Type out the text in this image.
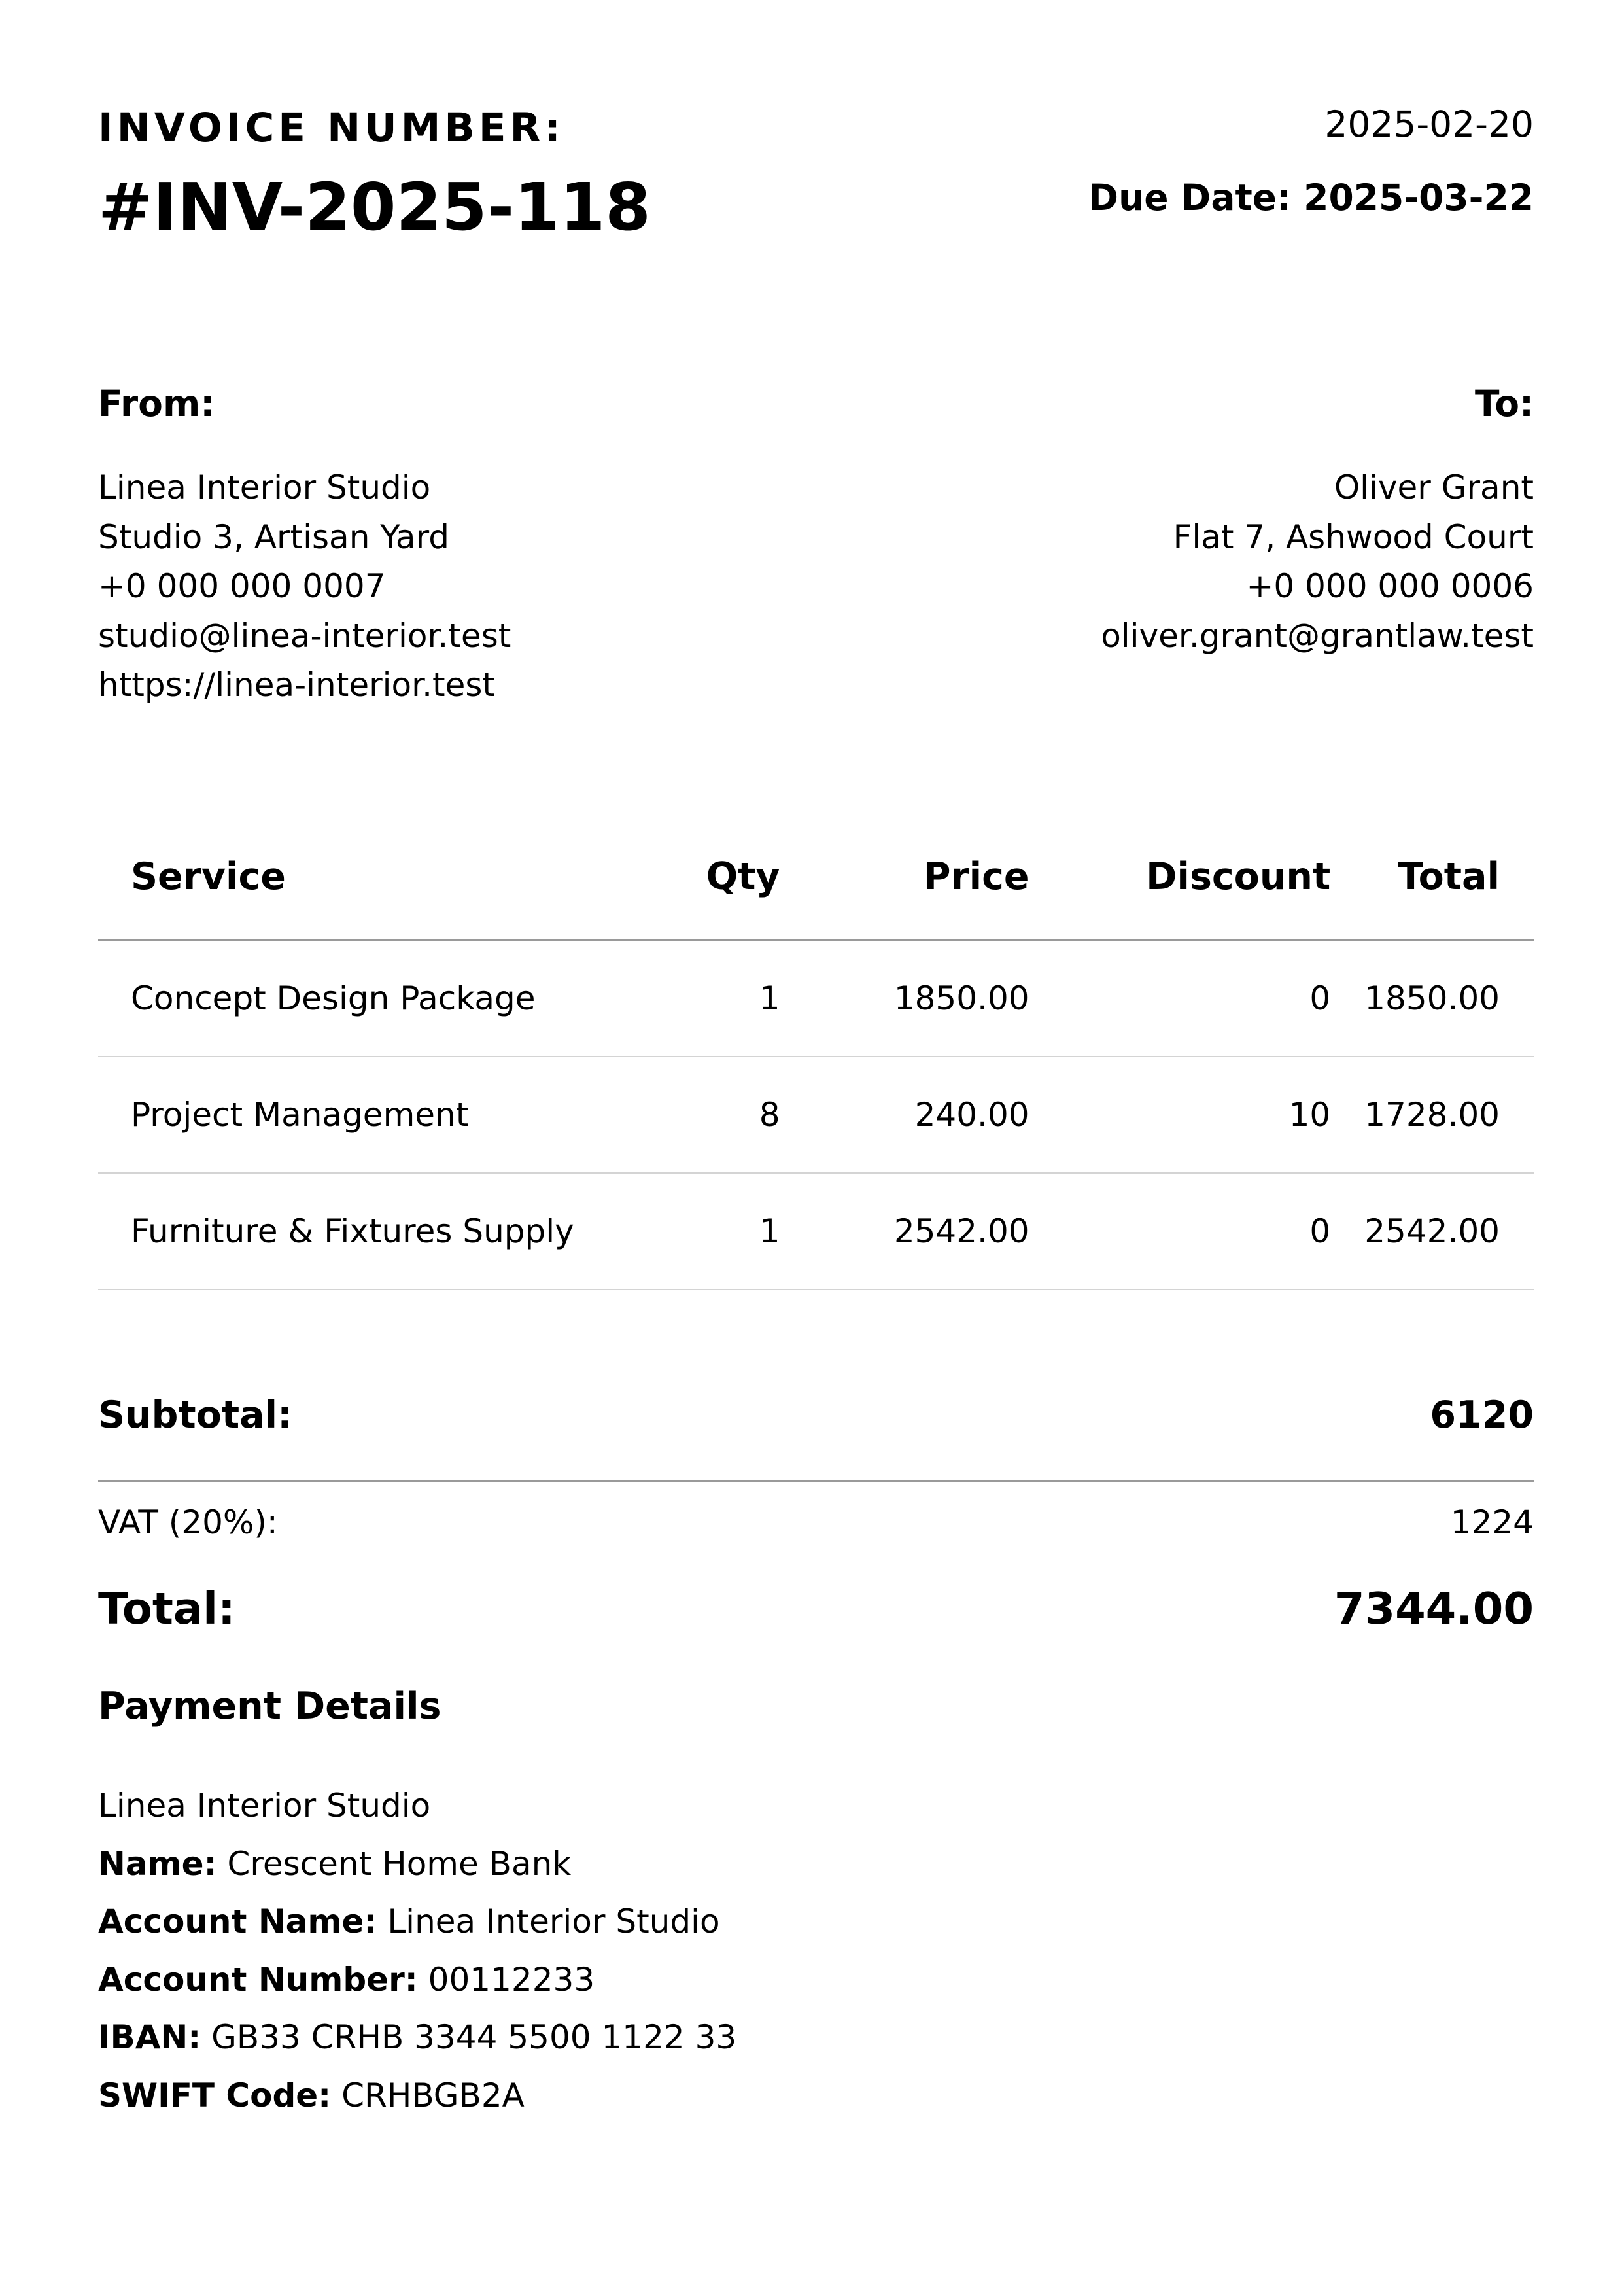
INVOICE NUMBER:
#INV-2025-118
2025-02-20
Due Date: 2025-03-22
From:	To:
Linea Interior Studio
Studio 3, Artisan Yard
+0 000 000 0007
studio@linea-interior.test
https://linea-interior.test
Oliver Grant
Flat 7, Ashwood Court
+0 000 000 0006
oliver.grant@grantlaw.test
Service	Qty	Price	Discount	Total
Concept Design Package	1	1850.00	0	1850.00
Project Management	8	240.00	10	1728.00
Furniture & Fixtures Supply	1	2542.00	0	2542.00
Subtotal:	6120
VAT (20%):	1224
Total:	7344.00
Payment Details
Linea Interior Studio
Name: Crescent Home Bank
Account Name: Linea Interior Studio
Account Number: 00112233
IBAN: GB33 CRHB 3344 5500 1122 33
SWIFT Code: CRHBGB2A
